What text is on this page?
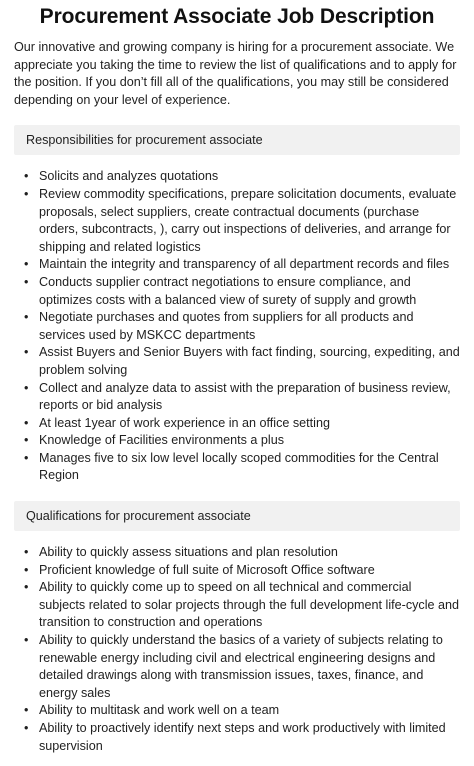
Procurement Associate Job Description

Our innovative and growing company is hiring for a procurement associate. We appreciate you taking the time to review the list of qualifications and to apply for the position. If you don’t fill all of the qualifications, you may still be considered depending on your level of experience.

Responsibilities for procurement associate
• Solicits and analyzes quotations
• Review commodity specifications, prepare solicitation documents, evaluate proposals, select suppliers, create contractual documents (purchase orders, subcontracts, ), carry out inspections of deliveries, and arrange for shipping and related logistics
• Maintain the integrity and transparency of all department records and files
• Conducts supplier contract negotiations to ensure compliance, and optimizes costs with a balanced view of surety of supply and growth
• Negotiate purchases and quotes from suppliers for all products and services used by MSKCC departments
• Assist Buyers and Senior Buyers with fact finding, sourcing, expediting, and problem solving
• Collect and analyze data to assist with the preparation of business review, reports or bid analysis
• At least 1year of work experience in an office setting
• Knowledge of Facilities environments a plus
• Manages five to six low level locally scoped commodities for the Central Region
Qualifications for procurement associate
• Ability to quickly assess situations and plan resolution
• Proficient knowledge of full suite of Microsoft Office software
• Ability to quickly come up to speed on all technical and commercial subjects related to solar projects through the full development life-cycle and transition to construction and operations
• Ability to quickly understand the basics of a variety of subjects relating to renewable energy including civil and electrical engineering designs and detailed drawings along with transmission issues, taxes, finance, and energy sales
• Ability to multitask and work well on a team
• Ability to proactively identify next steps and work productively with limited supervision
